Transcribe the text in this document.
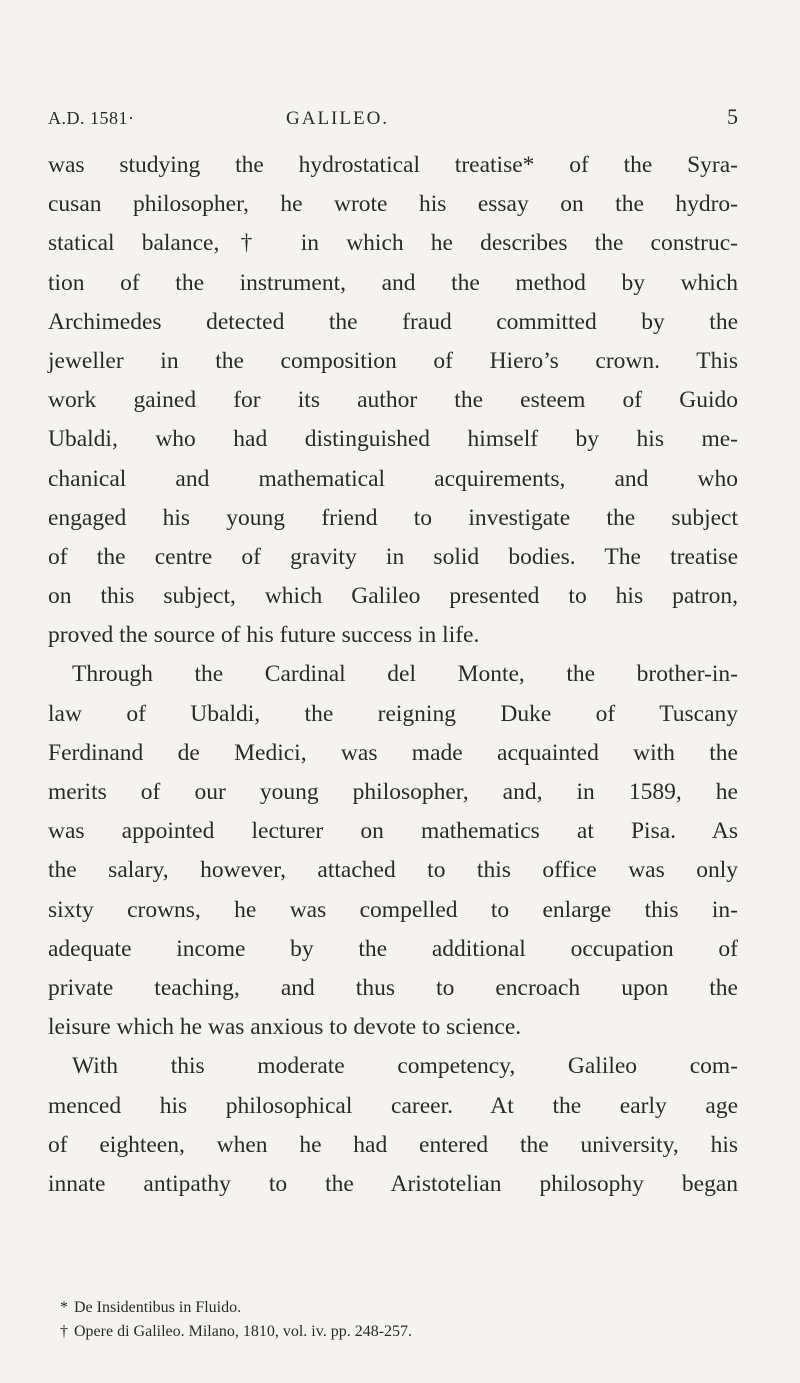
A.D. 1581·	GALILEO.	5
was studying the hydrostatical treatise* of the Syra-
cusan philosopher, he wrote his essay on the hydro-
statical balance,† in which he describes the construc-
tion of the instrument, and the method by which
Archimedes detected the fraud committed by the
jeweller in the composition of Hiero’s crown. This
work gained for its author the esteem of Guido
Ubaldi, who had distinguished himself by his me-
chanical and mathematical acquirements, and who
engaged his young friend to investigate the subject
of the centre of gravity in solid bodies. The treatise
on this subject, which Galileo presented to his patron,
proved the source of his future success in life.
Through the Cardinal del Monte, the brother-in-
law of Ubaldi, the reigning Duke of Tuscany
Ferdinand de Medici, was made acquainted with the
merits of our young philosopher, and, in 1589, he
was appointed lecturer on mathematics at Pisa. As
the salary, however, attached to this office was only
sixty crowns, he was compelled to enlarge this in-
adequate income by the additional occupation of
private teaching, and thus to encroach upon the
leisure which he was anxious to devote to science.
With this moderate competency, Galileo com-
menced his philosophical career. At the early age
of eighteen, when he had entered the university, his
innate antipathy to the Aristotelian philosophy began
* De Insidentibus in Fluido.
† Opere di Galileo. Milano, 1810, vol. iv. pp. 248-257.
